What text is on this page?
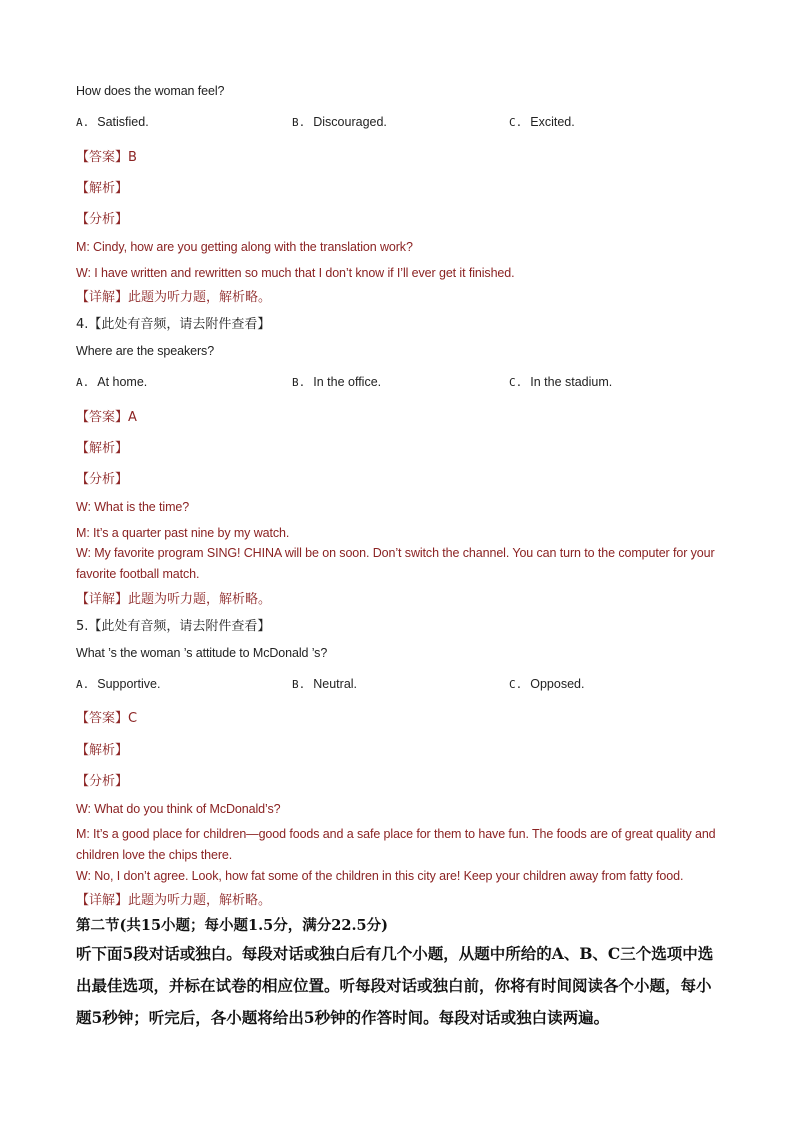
How does the woman feel?
A. Satisfied.	B. Discouraged.	C. Excited.
【答案】B
【解析】
【分析】
M: Cindy, how are you getting along with the translation work?
W: I have written and rewritten so much that I don’t know if I’ll ever get it finished.
【详解】此题为听力题，解析略。
4.【此处有音频，请去附件查看】
Where are the speakers?
A. At home.	B. In the office.	C. In the stadium.
【答案】A
【解析】
【分析】
W: What is the time?
M: It’s a quarter past nine by my watch.
W: My favorite program SING! CHINA will be on soon. Don’t switch the channel. You can turn to the computer for your favorite football match.
【详解】此题为听力题，解析略。
5.【此处有音频，请去附件查看】
What ’s the woman ’s attitude to McDonald ’s?
A. Supportive.	B. Neutral.	C. Opposed.
【答案】C
【解析】
【分析】
W: What do you think of McDonald’s?
M: It’s a good place for children—good foods and a safe place for them to have fun. The foods are of great quality and children love the chips there.
W: No, I don’t agree. Look, how fat some of the children in this city are! Keep your children away from fatty food.
【详解】此题为听力题，解析略。
第二节(共15小题；每小题1.5分，满分22.5分)
听下面5段对话或独白。每段对话或独白后有几个小题，从题中所给的A、B、C三个选项中选出最佳选项，并标在试卷的相应位置。听每段对话或独白前，你将有时间阅读各个小题，每小题5秒钟；听完后，各小题将给出5秒钟的作答时间。每段对话或独白读两遍。
